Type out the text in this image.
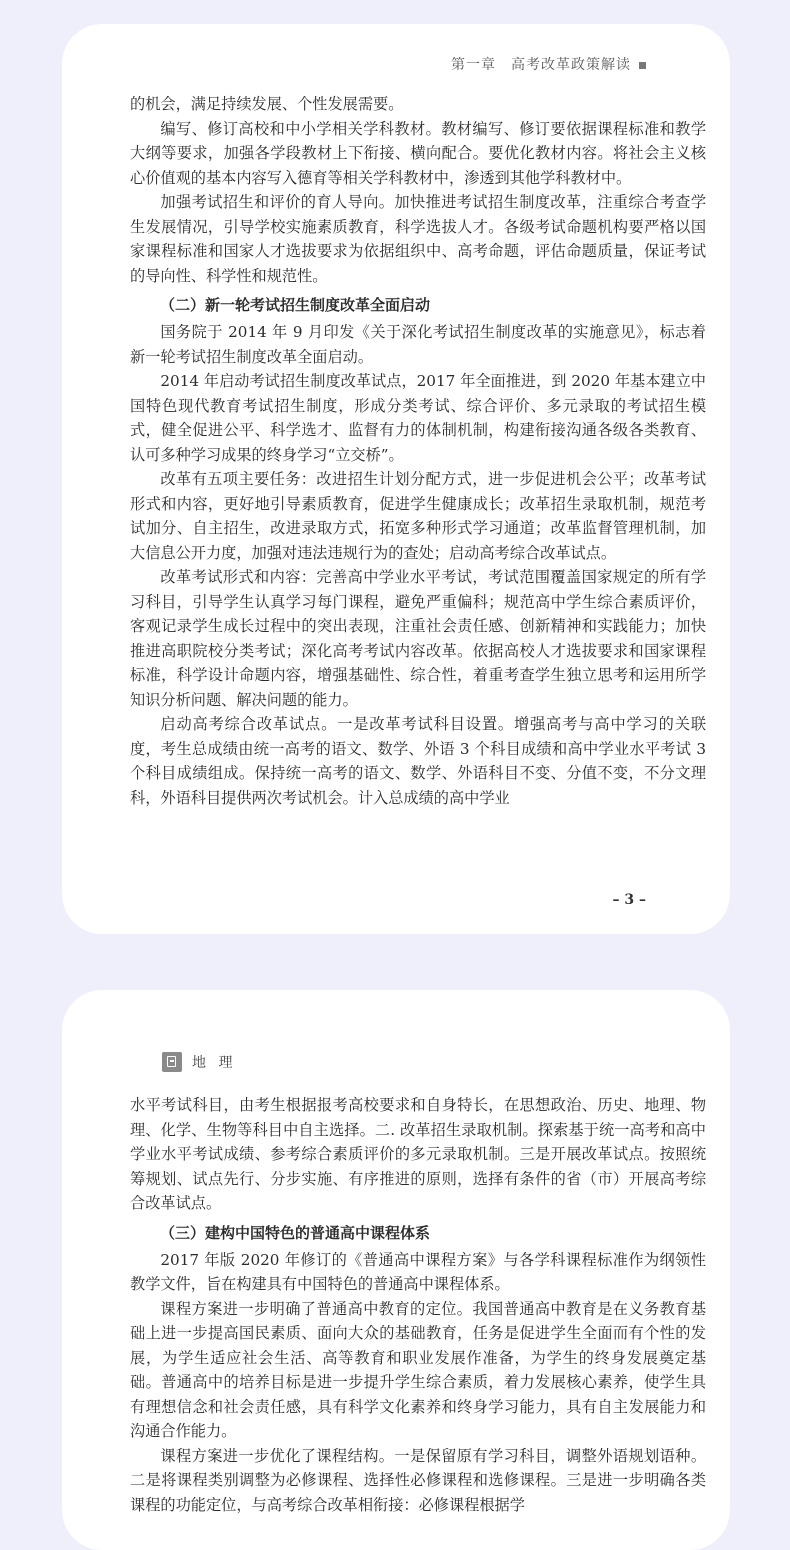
第一章　高考改革政策解读

的机会，满足持续发展、个性发展需要。

编写、修订高校和中小学相关学科教材。教材编写、修订要依据课程标准和教学大纲等要求，加强各学段教材上下衔接、横向配合。要优化教材内容。将社会主义核心价值观的基本内容写入德育等相关学科教材中，渗透到其他学科教材中。

加强考试招生和评价的育人导向。加快推进考试招生制度改革，注重综合考查学生发展情况，引导学校实施素质教育，科学选拔人才。各级考试命题机构要严格以国家课程标准和国家人才选拔要求为依据组织中、高考命题，评估命题质量，保证考试的导向性、科学性和规范性。

（二）新一轮考试招生制度改革全面启动

国务院于 2014 年 9 月印发《关于深化考试招生制度改革的实施意见》，标志着新一轮考试招生制度改革全面启动。

2014 年启动考试招生制度改革试点，2017 年全面推进，到 2020 年基本建立中国特色现代教育考试招生制度，形成分类考试、综合评价、多元录取的考试招生模式，健全促进公平、科学选才、监督有力的体制机制，构建衔接沟通各级各类教育、认可多种学习成果的终身学习“立交桥”。

改革有五项主要任务：改进招生计划分配方式，进一步促进机会公平；改革考试形式和内容，更好地引导素质教育，促进学生健康成长；改革招生录取机制，规范考试加分、自主招生，改进录取方式，拓宽多种形式学习通道；改革监督管理机制，加大信息公开力度，加强对违法违规行为的查处；启动高考综合改革试点。

改革考试形式和内容：完善高中学业水平考试，考试范围覆盖国家规定的所有学习科目，引导学生认真学习每门课程，避免严重偏科；规范高中学生综合素质评价，客观记录学生成长过程中的突出表现，注重社会责任感、创新精神和实践能力；加快推进高职院校分类考试；深化高考考试内容改革。依据高校人才选拔要求和国家课程标准，科学设计命题内容，增强基础性、综合性，着重考查学生独立思考和运用所学知识分析问题、解决问题的能力。

启动高考综合改革试点。一是改革考试科目设置。增强高考与高中学习的关联度，考生总成绩由统一高考的语文、数学、外语 3 个科目成绩和高中学业水平考试 3 个科目成绩组成。保持统一高考的语文、数学、外语科目不变、分值不变，不分文理科，外语科目提供两次考试机会。计入总成绩的高中学业

– 3 –
地 理

水平考试科目，由考生根据报考高校要求和自身特长，在思想政治、历史、地理、物理、化学、生物等科目中自主选择。二. 改革招生录取机制。探索基于统一高考和高中学业水平考试成绩、参考综合素质评价的多元录取机制。三是开展改革试点。按照统筹规划、试点先行、分步实施、有序推进的原则，选择有条件的省（市）开展高考综合改革试点。

（三）建构中国特色的普通高中课程体系

2017 年版 2020 年修订的《普通高中课程方案》与各学科课程标准作为纲领性教学文件，旨在构建具有中国特色的普通高中课程体系。

课程方案进一步明确了普通高中教育的定位。我国普通高中教育是在义务教育基础上进一步提高国民素质、面向大众的基础教育，任务是促进学生全面而有个性的发展，为学生适应社会生活、高等教育和职业发展作准备，为学生的终身发展奠定基础。普通高中的培养目标是进一步提升学生综合素质，着力发展核心素养，使学生具有理想信念和社会责任感，具有科学文化素养和终身学习能力，具有自主发展能力和沟通合作能力。

课程方案进一步优化了课程结构。一是保留原有学习科目，调整外语规划语种。二是将课程类别调整为必修课程、选择性必修课程和选修课程。三是进一步明确各类课程的功能定位，与高考综合改革相衔接：必修课程根据学
